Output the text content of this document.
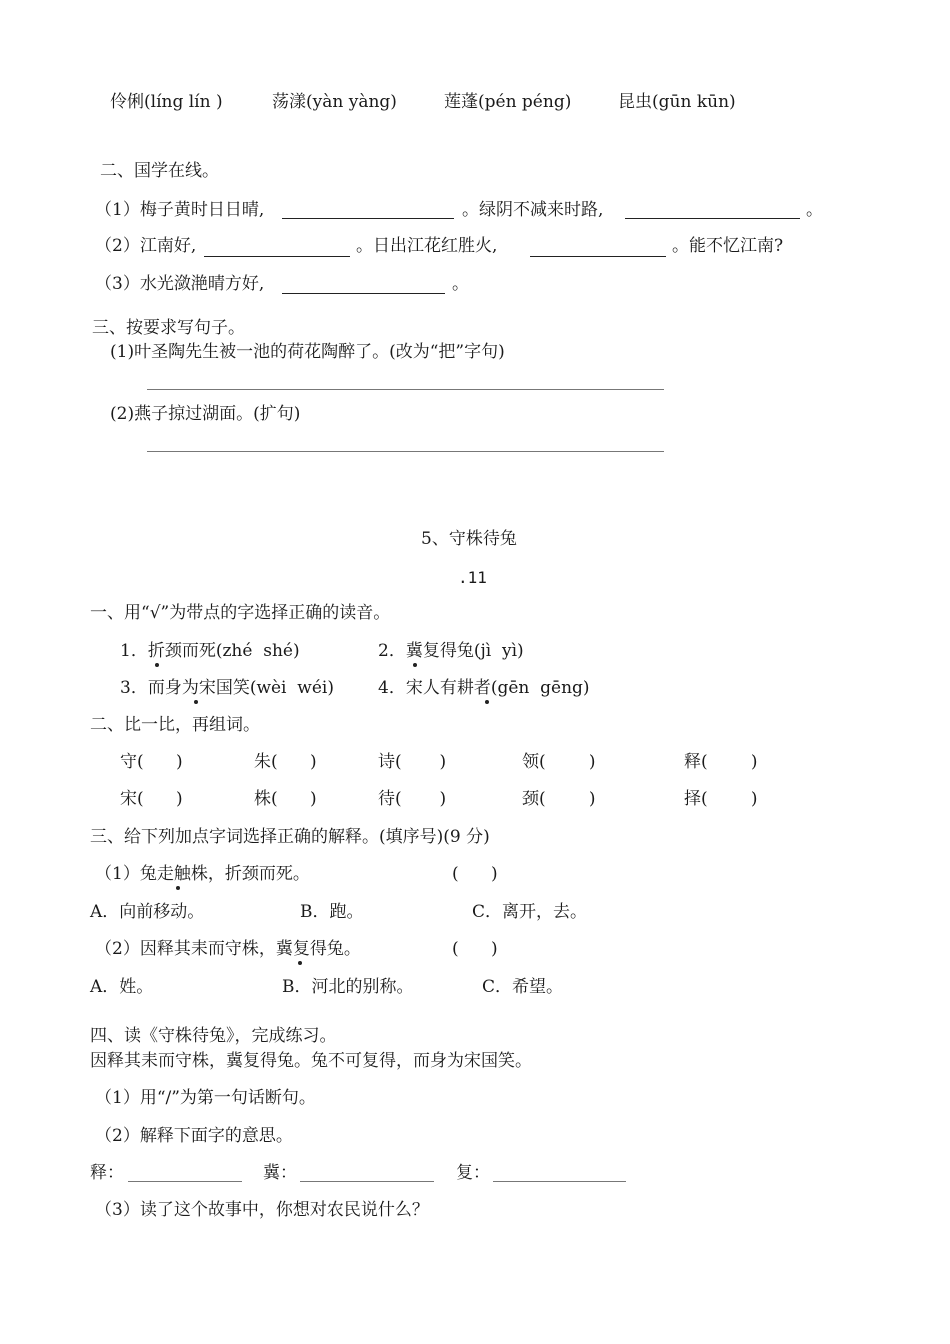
伶俐(líng lín )	荡漾(yàn yàng)	莲蓬(pén péng)	昆虫(gūn kūn)
二、国学在线。
（1）梅子黄时日日晴,	。绿阴不减来时路,	。
（2）江南好,	。日出江花红胜火,	。能不忆江南?
（3）水光潋滟晴方好,	。
三、按要求写句子。
(1)叶圣陶先生被一池的荷花陶醉了。(改为“把”字句)
(2)燕子掠过湖面。(扩句)
5、守株待兔
.11
一、用“√”为带点的字选择正确的读音。
1．折颈而死(zhé  shé)	2．冀复得兔(jì  yì)
3．而身为宋国笑(wèi  wéi)	4．宋人有耕者(gēn  gēng)
二、比一比，再组词。
守(      )	朱(      )	诗(       )	领(        )	释(        )
宋(      )	株(      )	待(       )	颈(        )	择(        )
三、给下列加点字词选择正确的解释。(填序号)(9 分)
（1）兔走触株，折颈而死。	(      )
A．向前移动。	B．跑。	C．离开，去。
（2）因释其耒而守株，冀复得兔。	(      )
A．姓。	B．河北的别称。	C．希望。
四、读《守株待兔》，完成练习。
因释其耒而守株，冀复得兔。兔不可复得，而身为宋国笑。
（1）用“/”为第一句话断句。
（2）解释下面字的意思。
释：	冀：	复：
（3）读了这个故事中，你想对农民说什么？
